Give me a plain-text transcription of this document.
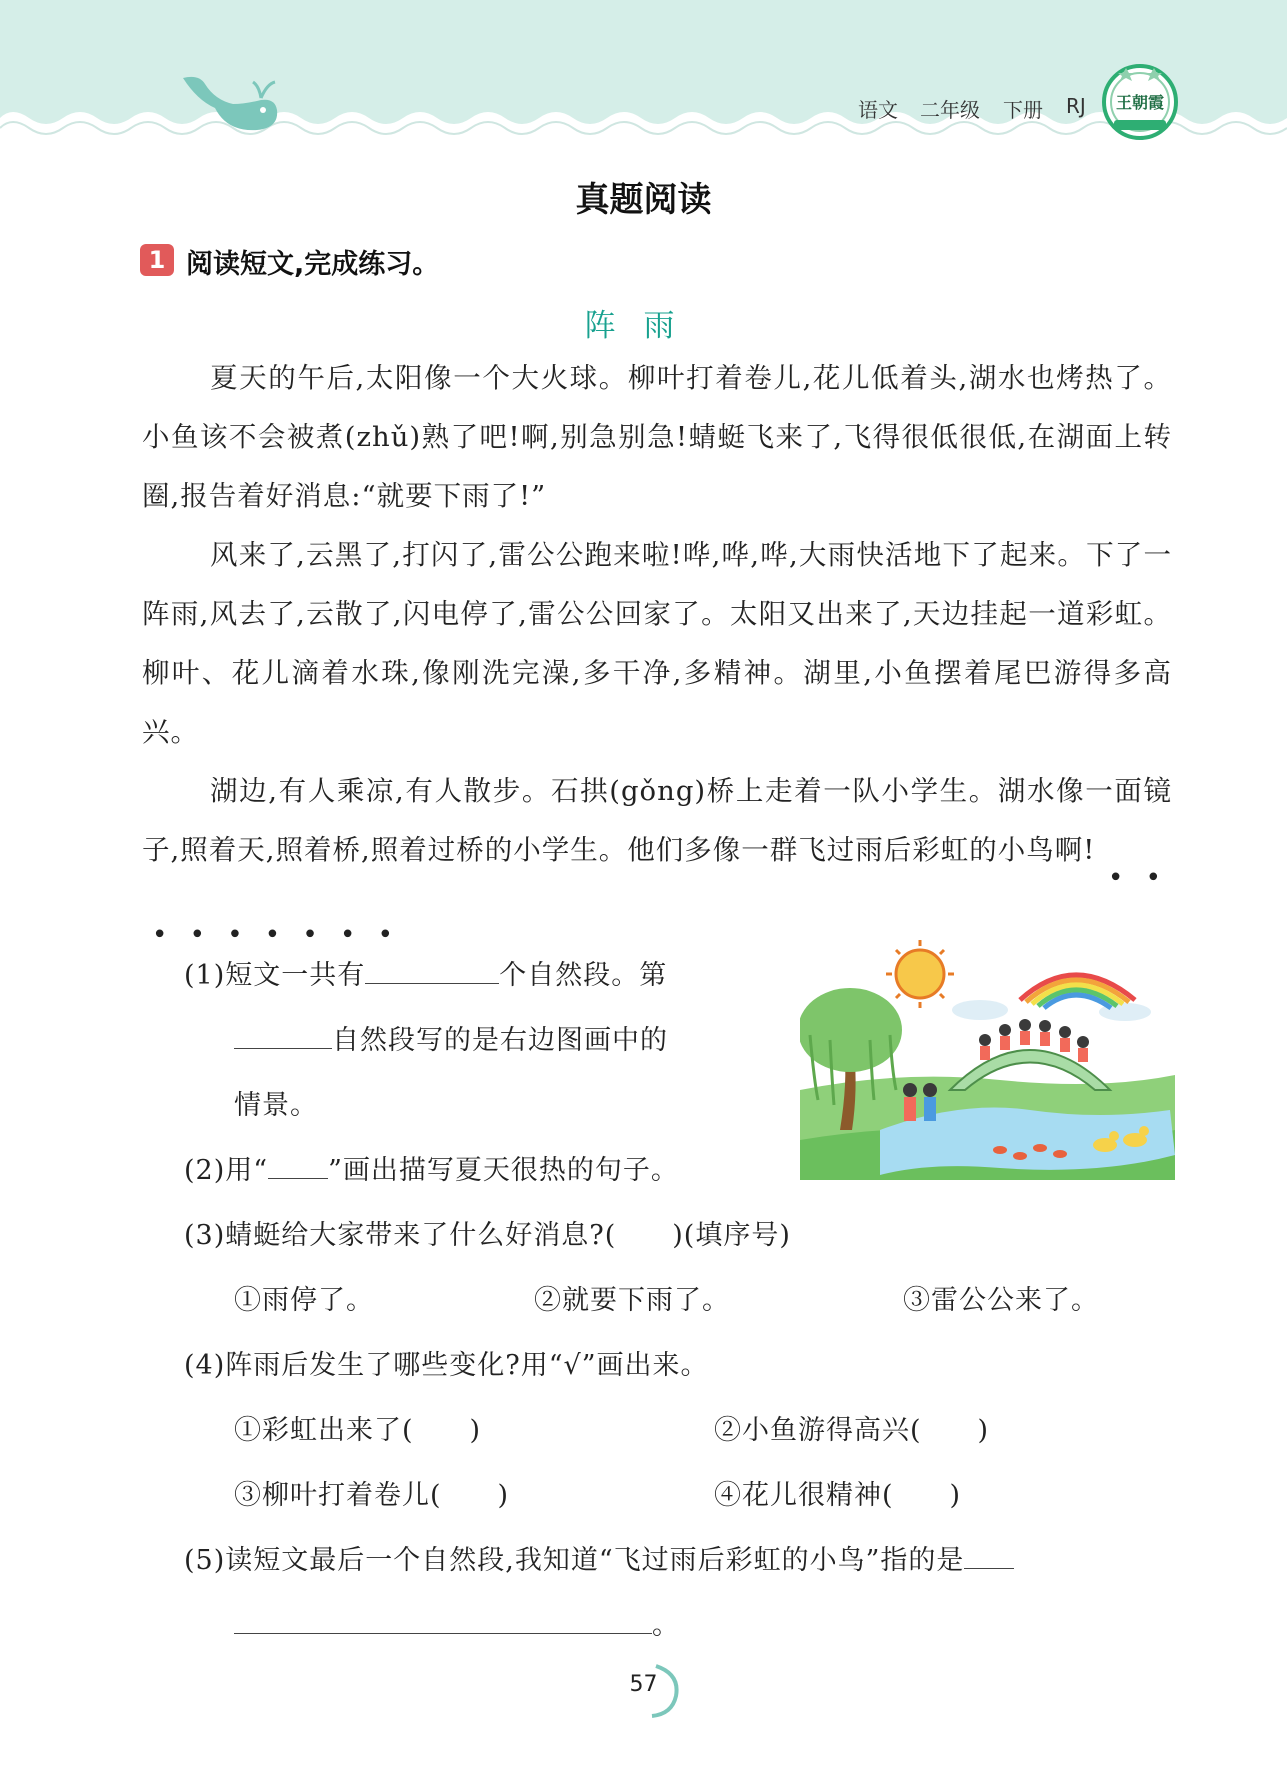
语文 二年级 下册 RJ	王朝霞
真题阅读
1 阅读短文,完成练习。
阵雨
夏天的午后,太阳像一个大火球。柳叶打着卷儿,花儿低着头,湖水也烤热了。小鱼该不会被煮(zhǔ)熟了吧!啊,别急别急!蜻蜓飞来了,飞得很低很低,在湖面上转圈,报告着好消息:“就要下雨了!”
风来了,云黑了,打闪了,雷公公跑来啦!哗,哗,哗,大雨快活地下了起来。下了一阵雨,风去了,云散了,闪电停了,雷公公回家了。太阳又出来了,天边挂起一道彩虹。柳叶、花儿滴着水珠,像刚洗完澡,多干净,多精神。湖里,小鱼摆着尾巴游得多高兴。
湖边,有人乘凉,有人散步。石拱(gǒng)桥上走着一队小学生。湖水像一面镜子,照着天,照着桥,照着过桥的小学生。他们多像一群飞过雨后彩虹的小鸟啊!
• •
• • • • • • •
(1)短文一共有	个自然段。第
自然段写的是右边图画中的
情景。
(2)用“ ”画出描写夏天很热的句子。
(3)蜻蜓给大家带来了什么好消息?(　　)(填序号)
①雨停了。	②就要下雨了。	③雷公公来了。
(4)阵雨后发生了哪些变化?用“√”画出来。
①彩虹出来了(　　)	②小鱼游得高兴(　　)
③柳叶打着卷儿(　　)	④花儿很精神(　　)
(5)读短文最后一个自然段,我知道“飞过雨后彩虹的小鸟”指的是
。
57
